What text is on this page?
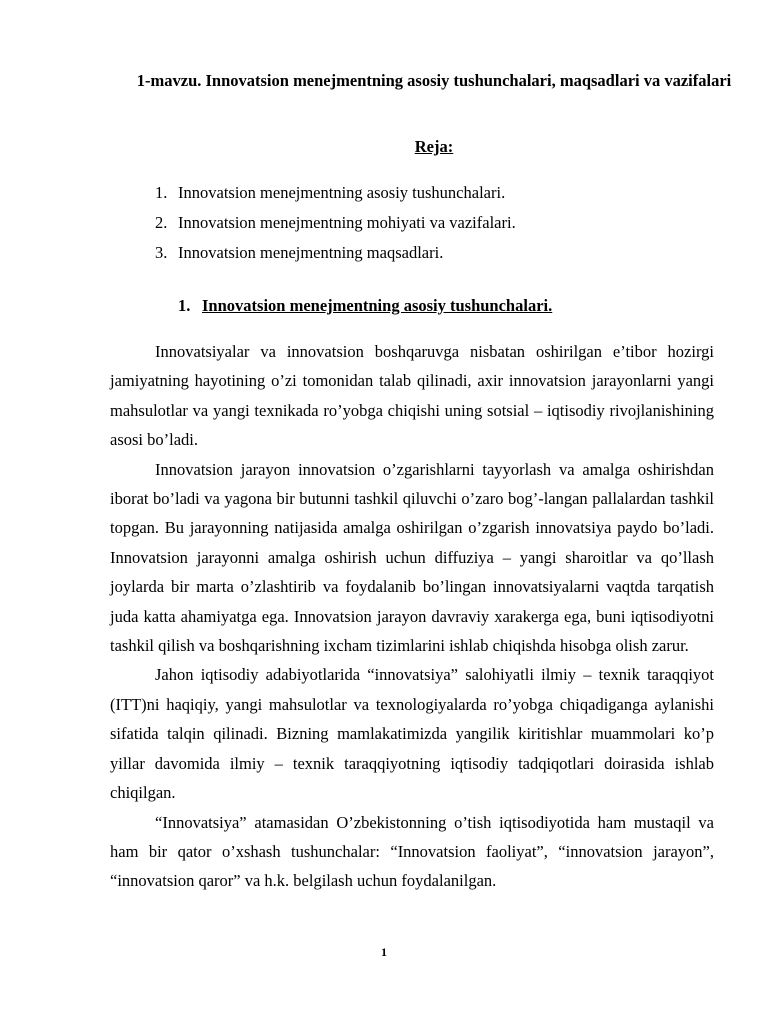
1-mavzu. Innovatsion menejmentning asosiy tushunchalari, maqsadlari va vazifalari
Reja:
1. Innovatsion menejmentning asosiy tushunchalari.
2. Innovatsion menejmentning mohiyati va vazifalari.
3. Innovatsion menejmentning maqsadlari.
1. Innovatsion menejmentning asosiy tushunchalari.

Innovatsiyalar va innovatsion boshqaruvga nisbatan oshirilgan e’tibor hozirgi jamiyatning hayotining o’zi tomonidan talab qilinadi, axir innovatsion jarayonlarni yangi mahsulotlar va yangi texnikada ro’yobga chiqishi uning sotsial – iqtisodiy rivojlanishining asosi bo’ladi.

Innovatsion jarayon innovatsion o’zgarishlarni tayyorlash va amalga oshirishdan iborat bo’ladi va yagona bir butunni tashkil qiluvchi o’zaro bog’-langan pallalardan tashkil topgan. Bu jarayonning natijasida amalga oshirilgan o’zgarish innovatsiya paydo bo’ladi. Innovatsion jarayonni amalga oshirish uchun diffuziya – yangi sharoitlar va qo’llash joylarda bir marta o’zlashtirib va foydalanib bo’lingan innovatsiyalarni vaqtda tarqatish juda katta ahamiyatga ega. Innovatsion jarayon davraviy xarakerga ega, buni iqtisodiyotni tashkil qilish va boshqarishning ixcham tizimlarini ishlab chiqishda hisobga olish zarur.

Jahon iqtisodiy adabiyotlarida “innovatsiya” salohiyatli ilmiy – texnik taraqqiyot (ITT)ni haqiqiy, yangi mahsulotlar va texnologiyalarda ro’yobga chiqadiganga aylanishi sifatida talqin qilinadi. Bizning mamlakatimizda yangilik kiritishlar muammolari ko’p yillar davomida ilmiy – texnik taraqqiyotning iqtisodiy tadqiqotlari doirasida ishlab chiqilgan.

“Innovatsiya” atamasidan O’zbekistonning o’tish iqtisodiyotida ham mustaqil va ham bir qator o’xshash tushunchalar: “Innovatsion faoliyat”, “innovatsion jarayon”, “innovatsion qaror” va h.k. belgilash uchun foydalanilgan.

1
